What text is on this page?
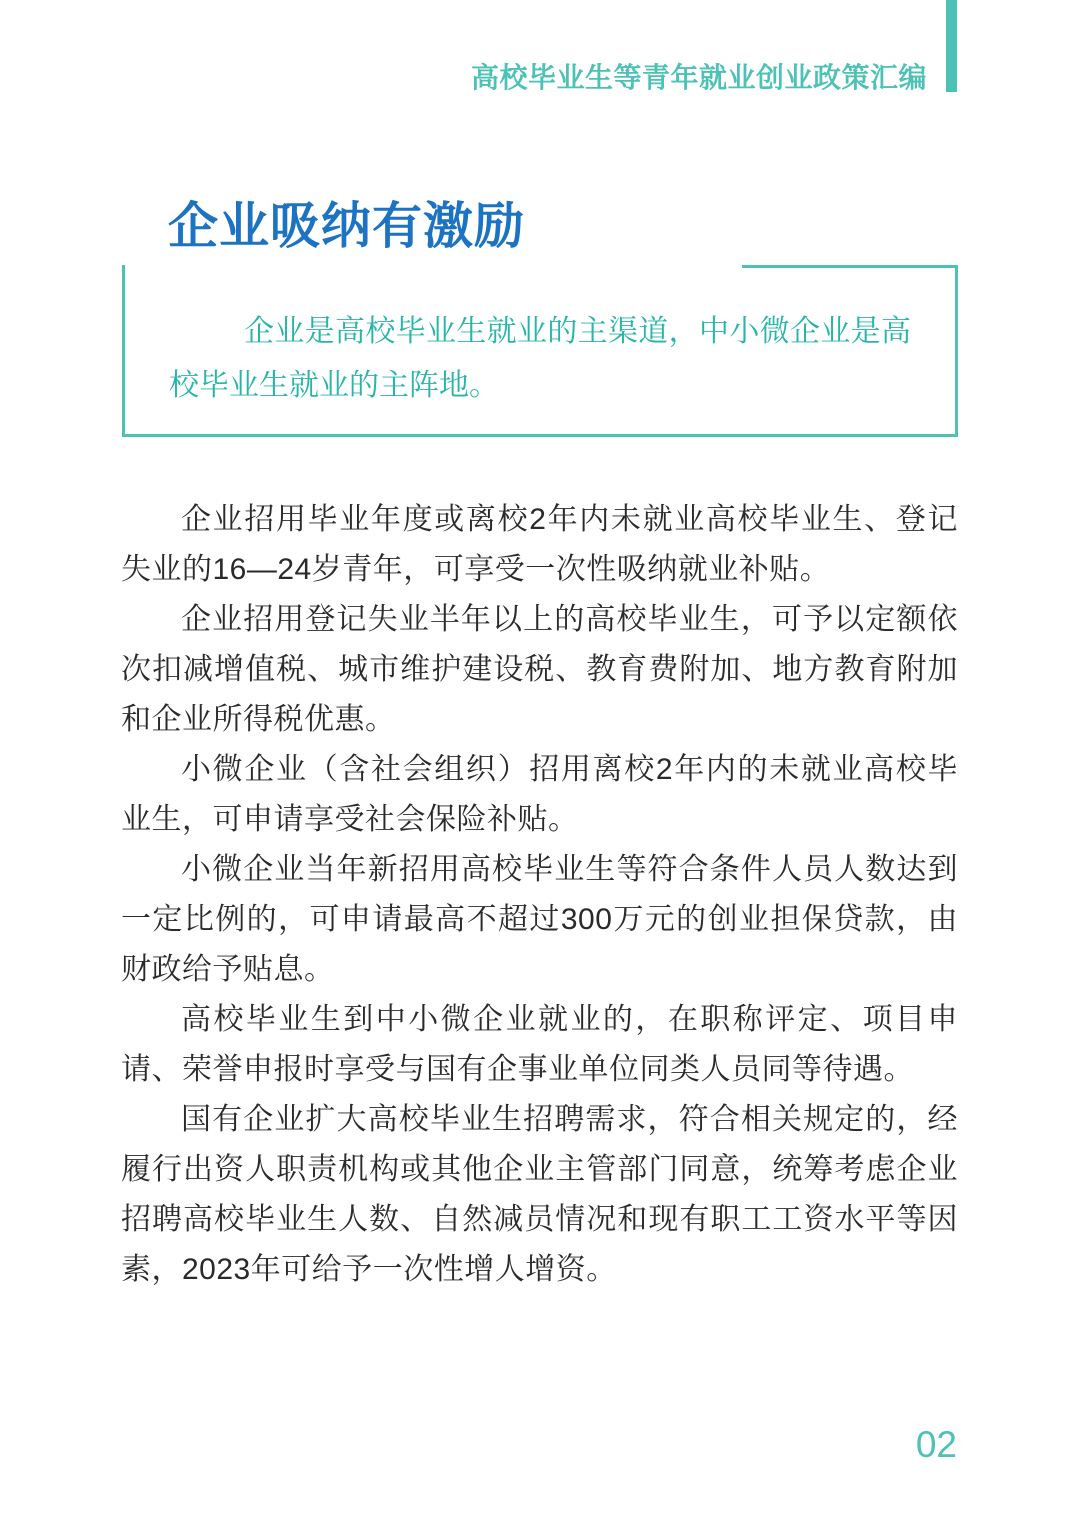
高校毕业生等青年就业创业政策汇编
企业吸纳有激励

企业是高校毕业生就业的主渠道，中小微企业是高校毕业生就业的主阵地。

企业招用毕业年度或离校2年内未就业高校毕业生、登记失业的16—24岁青年，可享受一次性吸纳就业补贴。

企业招用登记失业半年以上的高校毕业生，可予以定额依次扣减增值税、城市维护建设税、教育费附加、地方教育附加和企业所得税优惠。

小微企业（含社会组织）招用离校2年内的未就业高校毕业生，可申请享受社会保险补贴。

小微企业当年新招用高校毕业生等符合条件人员人数达到一定比例的，可申请最高不超过300万元的创业担保贷款，由财政给予贴息。

高校毕业生到中小微企业就业的，在职称评定、项目申请、荣誉申报时享受与国有企事业单位同类人员同等待遇。

国有企业扩大高校毕业生招聘需求，符合相关规定的，经履行出资人职责机构或其他企业主管部门同意，统筹考虑企业招聘高校毕业生人数、自然减员情况和现有职工工资水平等因素，2023年可给予一次性增人增资。

02
